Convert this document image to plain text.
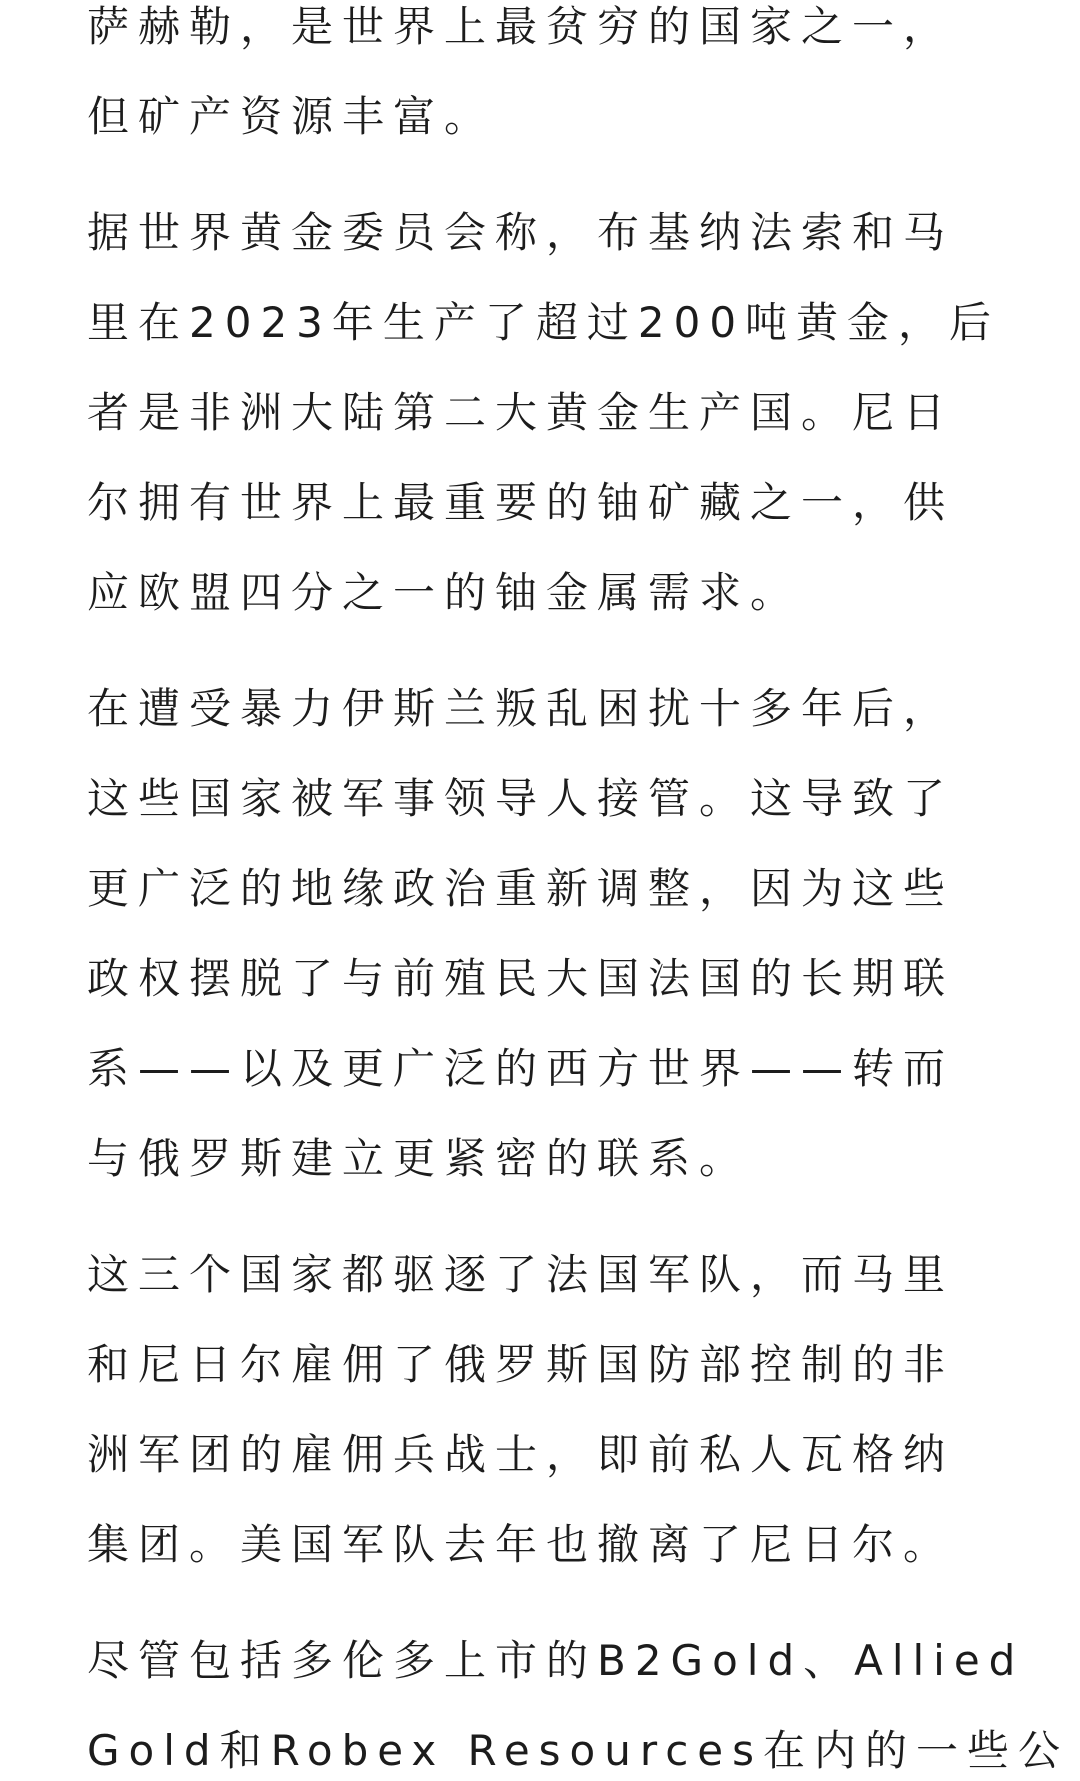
萨赫勒，是世界上最贫穷的国家之一，
但矿产资源丰富。

据世界黄金委员会称，布基纳法索和马
里在2023年生产了超过200吨黄金，后
者是非洲大陆第二大黄金生产国。尼日
尔拥有世界上最重要的铀矿藏之一，供
应欧盟四分之一的铀金属需求。

在遭受暴力伊斯兰叛乱困扰十多年后，
这些国家被军事领导人接管。这导致了
更广泛的地缘政治重新调整，因为这些
政权摆脱了与前殖民大国法国的长期联
系——以及更广泛的西方世界——转而
与俄罗斯建立更紧密的联系。

这三个国家都驱逐了法国军队，而马里
和尼日尔雇佣了俄罗斯国防部控制的非
洲军团的雇佣兵战士，即前私人瓦格纳
集团。美国军队去年也撤离了尼日尔。

尽管包括多伦多上市的B2Gold、Allied
Gold和Robex Resources在内的一些公
